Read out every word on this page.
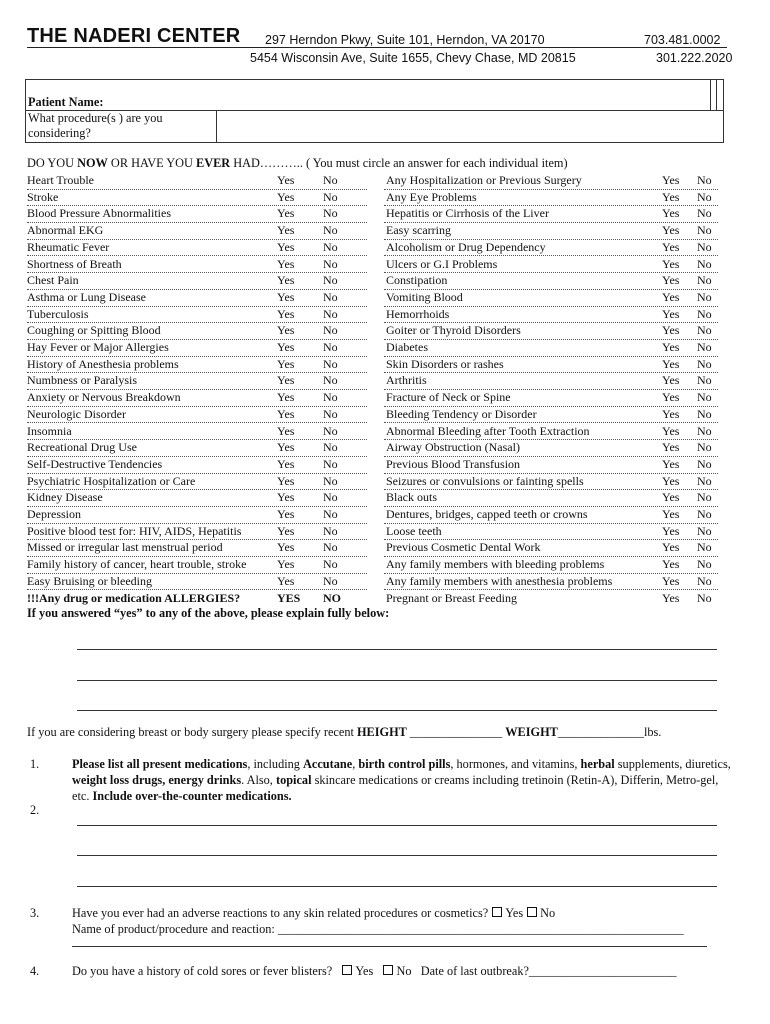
THE NADERI CENTER 297 Herndon Pkwy, Suite 101, Herndon, VA 20170	703.481.0002
5454 Wisconsin Ave, Suite 1655, Chevy Chase, MD 20815	301.222.2020
Patient Name:
What procedure(s ) are you
considering?
DO YOU NOW OR HAVE YOU EVER HAD……….. ( You must circle an answer for each individual item)
Heart Trouble	Yes No	Any Hospitalization or Previous Surgery	Yes No
Stroke	Yes No	Any Eye Problems	Yes No
Blood Pressure Abnormalities	Yes No	Hepatitis or Cirrhosis of the Liver	Yes No
Abnormal EKG	Yes No	Easy scarring	Yes No
Rheumatic Fever	Yes No	Alcoholism or Drug Dependency	Yes No
Shortness of Breath	Yes No	Ulcers or G.I Problems	Yes No
Chest Pain	Yes No	Constipation	Yes No
Asthma or Lung Disease	Yes No	Vomiting Blood	Yes No
Tuberculosis	Yes No	Hemorrhoids	Yes No
Coughing or Spitting Blood	Yes No	Goiter or Thyroid Disorders	Yes No
Hay Fever or Major Allergies	Yes No	Diabetes	Yes No
History of Anesthesia problems	Yes No	Skin Disorders or rashes	Yes No
Numbness or Paralysis	Yes No	Arthritis	Yes No
Anxiety or Nervous Breakdown	Yes No	Fracture of Neck or Spine	Yes No
Neurologic Disorder	Yes No	Bleeding Tendency or Disorder	Yes No
Insomnia	Yes No	Abnormal Bleeding after Tooth Extraction	Yes No
Recreational Drug Use	Yes No	Airway Obstruction (Nasal)	Yes No
Self-Destructive Tendencies	Yes No	Previous Blood Transfusion	Yes No
Psychiatric Hospitalization or Care	Yes No	Seizures or convulsions or fainting spells	Yes No
Kidney Disease	Yes No	Black outs	Yes No
Depression	Yes No	Dentures, bridges, capped teeth or crowns	Yes No
Positive blood test for: HIV, AIDS, Hepatitis	Yes No	Loose teeth	Yes No
Missed or irregular last menstrual period	Yes No	Previous Cosmetic Dental Work	Yes No
Family history of cancer, heart trouble, stroke	Yes No	Any family members with bleeding problems	Yes No
Easy Bruising or bleeding	Yes No	Any family members with anesthesia problems	Yes No
!!!Any drug or medication ALLERGIES?	YES NO	Pregnant or Breast Feeding	Yes No
If you answered “yes” to any of the above, please explain fully below:
If you are considering breast or body surgery please specify recent HEIGHT _______________ WEIGHT______________lbs.
1.	Please list all present medications, including Accutane, birth control pills, hormones, and vitamins, herbal supplements, diuretics,
weight loss drugs, energy drinks. Also, topical skincare medications or creams including tretinoin (Retin-A), Differin, Metro-gel,
etc. Include over-the-counter medications.
2.
3.	Have you ever had an adverse reactions to any skin related procedures or cosmetics? Yes No
Name of product/procedure and reaction: __________________________________________________________________
4.	Do you have a history of cold sores or fever blisters? Yes No Date of last outbreak?________________________
